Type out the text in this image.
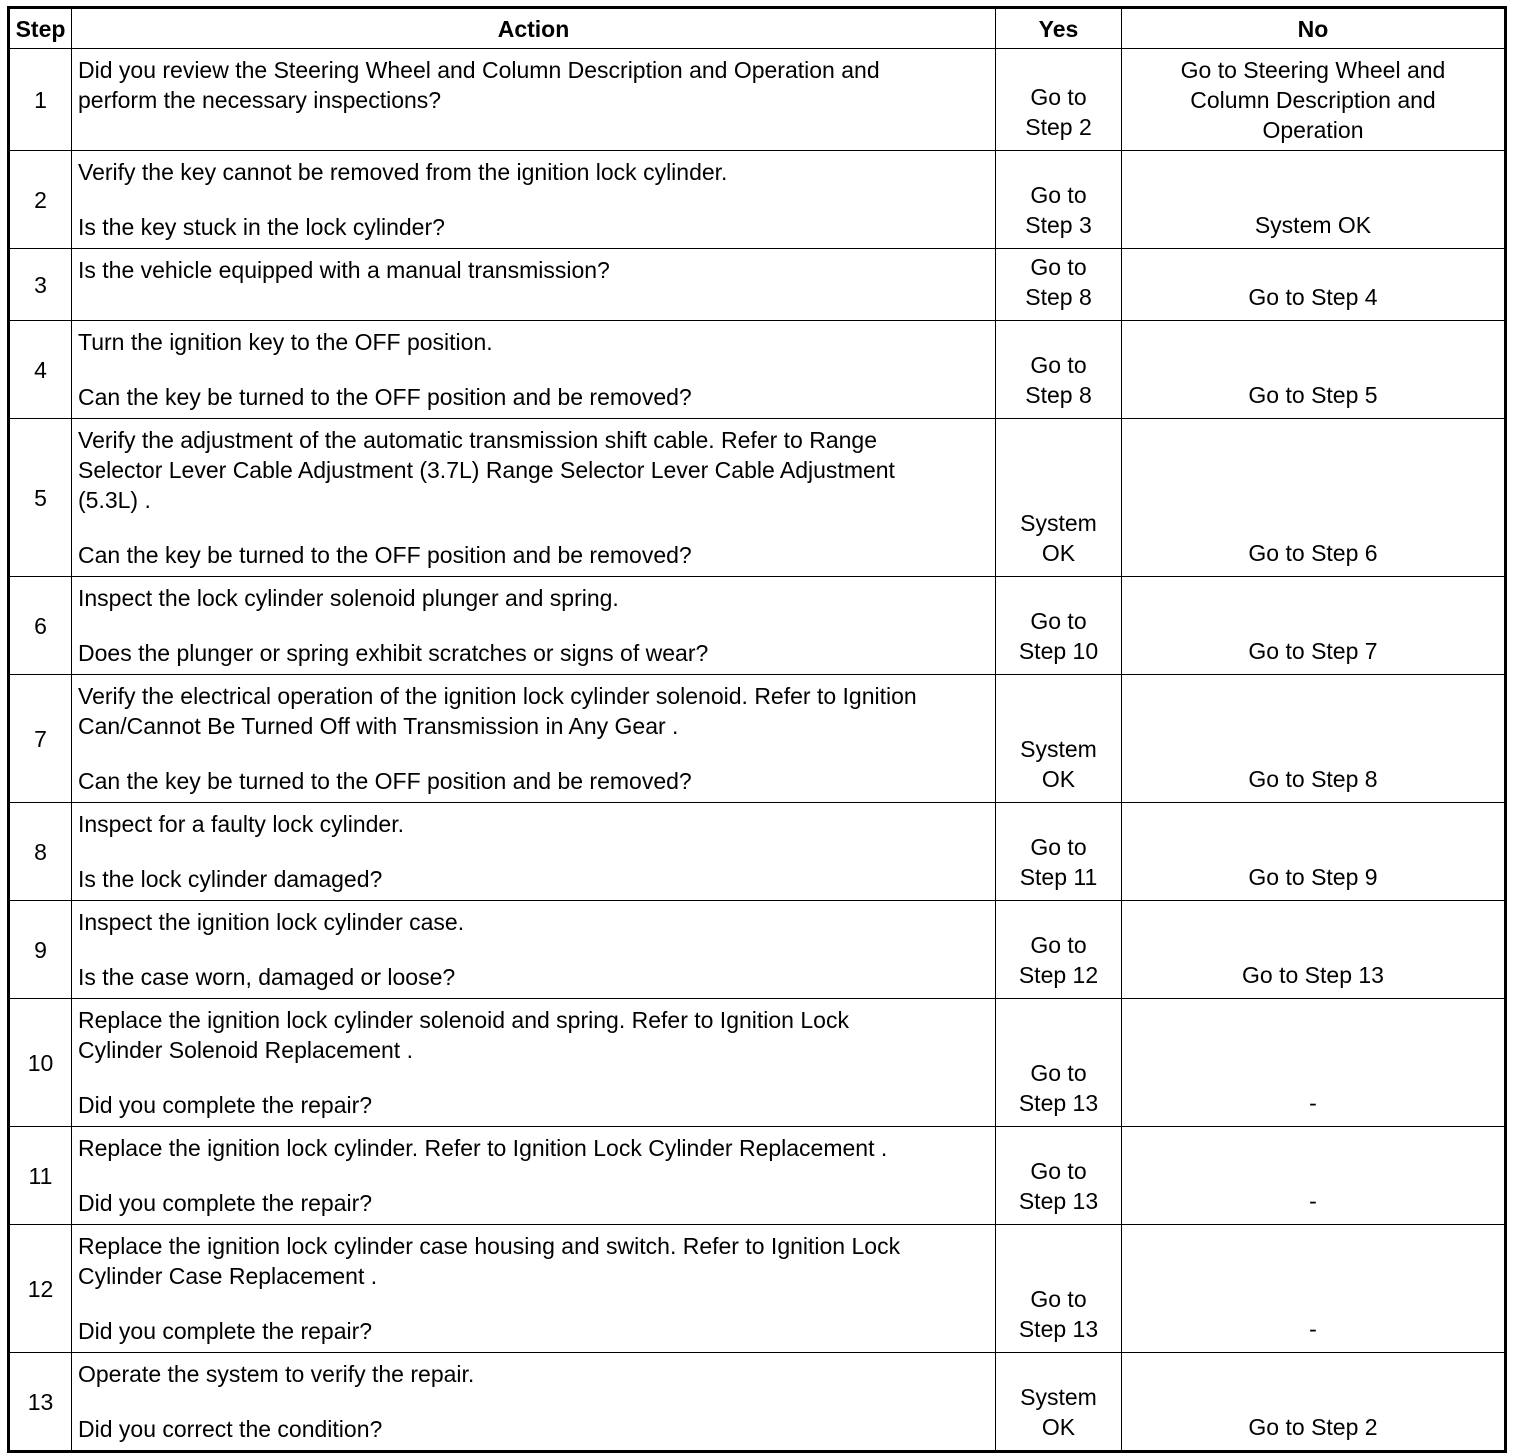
Step	Action	Yes	No
1	Did you review the Steering Wheel and Column Description and Operation and
perform the necessary inspections?	Go to
Step 2	Go to Steering Wheel and
Column Description and
Operation

2	Verify the key cannot be removed from the ignition lock cylinder.
Is the key stuck in the lock cylinder?	Go to
Step 3	System OK

3	Is the vehicle equipped with a manual transmission?	Go to
Step 8	Go to Step 4

4	Turn the ignition key to the OFF position.
Can the key be turned to the OFF position and be removed?	Go to
Step 8	Go to Step 5

5	Verify the adjustment of the automatic transmission shift cable. Refer to Range
Selector Lever Cable Adjustment (3.7L) Range Selector Lever Cable Adjustment
(5.3L) .
Can the key be turned to the OFF position and be removed?	System
OK	Go to Step 6

6	Inspect the lock cylinder solenoid plunger and spring.
Does the plunger or spring exhibit scratches or signs of wear?	Go to
Step 10	Go to Step 7

7	Verify the electrical operation of the ignition lock cylinder solenoid. Refer to Ignition
Can/Cannot Be Turned Off with Transmission in Any Gear .
Can the key be turned to the OFF position and be removed?	System
OK	Go to Step 8

8	Inspect for a faulty lock cylinder.
Is the lock cylinder damaged?	Go to
Step 11	Go to Step 9

9	Inspect the ignition lock cylinder case.
Is the case worn, damaged or loose?	Go to
Step 12	Go to Step 13

10	Replace the ignition lock cylinder solenoid and spring. Refer to Ignition Lock
Cylinder Solenoid Replacement .
Did you complete the repair?	Go to
Step 13	-

11	Replace the ignition lock cylinder. Refer to Ignition Lock Cylinder Replacement .
Did you complete the repair?	Go to
Step 13	-

12	Replace the ignition lock cylinder case housing and switch. Refer to Ignition Lock
Cylinder Case Replacement .
Did you complete the repair?	Go to
Step 13	-

13	Operate the system to verify the repair.
Did you correct the condition?	System
OK	Go to Step 2
